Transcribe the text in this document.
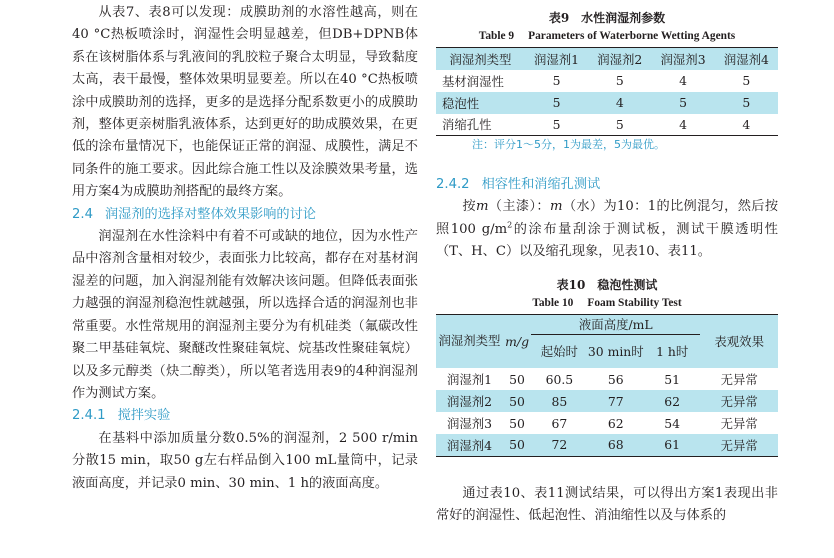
从表7、表8可以发现：成膜助剂的水溶性越高，则在40 °C热板喷涂时，润湿性会明显越差，但DB+DPNB体系在该树脂体系与乳液间的乳胶粒子聚合太明显，导致黏度太高，表干最慢，整体效果明显要差。所以在40 °C热板喷涂中成膜助剂的选择，更多的是选择分配系数更小的成膜助剂，整体更亲树脂乳液体系，达到更好的助成膜效果，在更低的涂布量情况下，也能保证正常的润湿、成膜性，满足不同条件的施工要求。因此综合施工性以及涂膜效果考量，选用方案4为成膜助剂搭配的最终方案。

2.4 润湿剂的选择对整体效果影响的讨论

润湿剂在水性涂料中有着不可或缺的地位，因为水性产品中溶剂含量相对较少，表面张力比较高，都存在对基材润湿差的问题，加入润湿剂能有效解决该问题。但降低表面张力越强的润湿剂稳泡性就越强，所以选择合适的润湿剂也非常重要。水性常规用的润湿剂主要分为有机硅类（氟碳改性聚二甲基硅氧烷、聚醚改性聚硅氧烷、烷基改性聚硅氧烷）以及多元醇类（炔二醇类），所以笔者选用表9的4种润湿剂作为测试方案。

2.4.1 搅拌实验

在基料中添加质量分数0.5%的润湿剂，2 500 r/min分散15 min，取50 g左右样品倒入100 mL量筒中，记录液面高度，并记录0 min、30 min、1 h的液面高度。

表9　水性润湿剂参数

Table 9 Parameters of Waterborne Wetting Agents

润湿剂类型	润湿剂1	润湿剂2	润湿剂3	润湿剂4
基材润湿性	5	5	4	5
稳泡性	5	4	5	5
消缩孔性	5	5	4	4

注：评分1～5分，1为最差，5为最优。

2.4.2 相容性和消缩孔测试

按m（主漆）：m（水）为10：1的比例混匀，然后按照100 $g/m^2$的涂布量刮涂于测试板，测试干膜透明性（T、H、C）以及缩孔现象，见表10、表11。

表10　稳泡性测试

Table 10 Foam Stability Test

润湿剂类型	m/g	液面高度/mL			表观效果
		起始时	30 min时	1 h时	
润湿剂1	50	60.5	56	51	无异常
润湿剂2	50	85	77	62	无异常
润湿剂3	50	67	62	54	无异常
润湿剂4	50	72	68	61	无异常

通过表10、表11测试结果，可以得出方案1表现出非常好的润湿性、低起泡性、消油缩性以及与体系的
